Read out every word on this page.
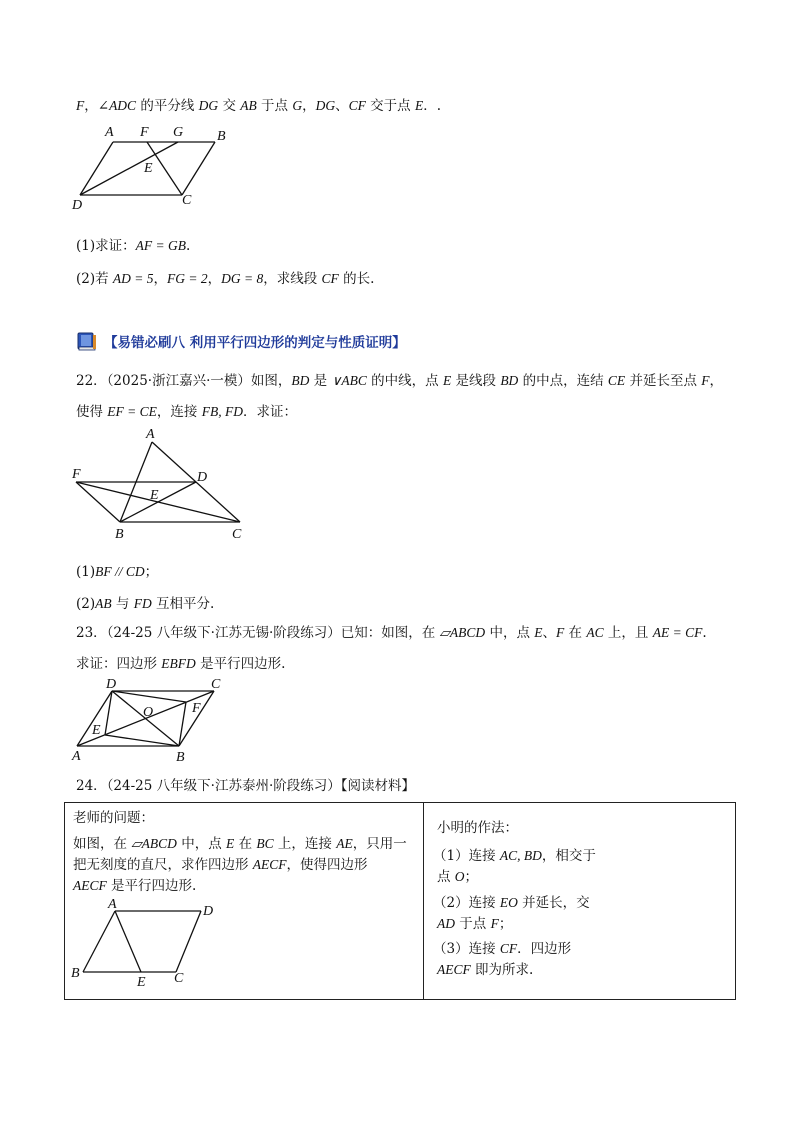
F，∠ADC 的平分线 DG 交 AB 于点 G，DG、CF 交于点 E．.
A F G B
E
D	C
(1)求证：AF = GB.
(2)若 AD = 5，FG = 2，DG = 8，求线段 CF 的长.
【易错必刷八 利用平行四边形的判定与性质证明】
22．（2025·浙江嘉兴·一模）如图，BD 是 ∨ABC 的中线，点 E 是线段 BD 的中点，连结 CE 并延长至点 F，
使得 EF = CE，连接 FB, FD．求证：
A
F	D
E
B	C
(1)BF // CD；
(2)AB 与 FD 互相平分.
23．（24-25 八年级下·江苏无锡·阶段练习）已知：如图，在 ▱ABCD 中，点 E、F 在 AC 上，且 AE = CF.
求证：四边形 EBFD 是平行四边形.
D	C
O	F
E
A	B
24．（24-25 八年级下·江苏泰州·阶段练习）【阅读材料】
老师的问题：
如图，在 ▱ABCD 中，点 E 在 BC 上，连接 AE，只用一
把无刻度的直尺，求作四边形 AECF，使得四边形
AECF 是平行四边形.
A	D
B
E C
小明的作法：
（1）连接 AC, BD，相交于
点 O；
（2）连接 EO 并延长，交
AD 于点 F；
（3）连接 CF．四边形
AECF 即为所求.
